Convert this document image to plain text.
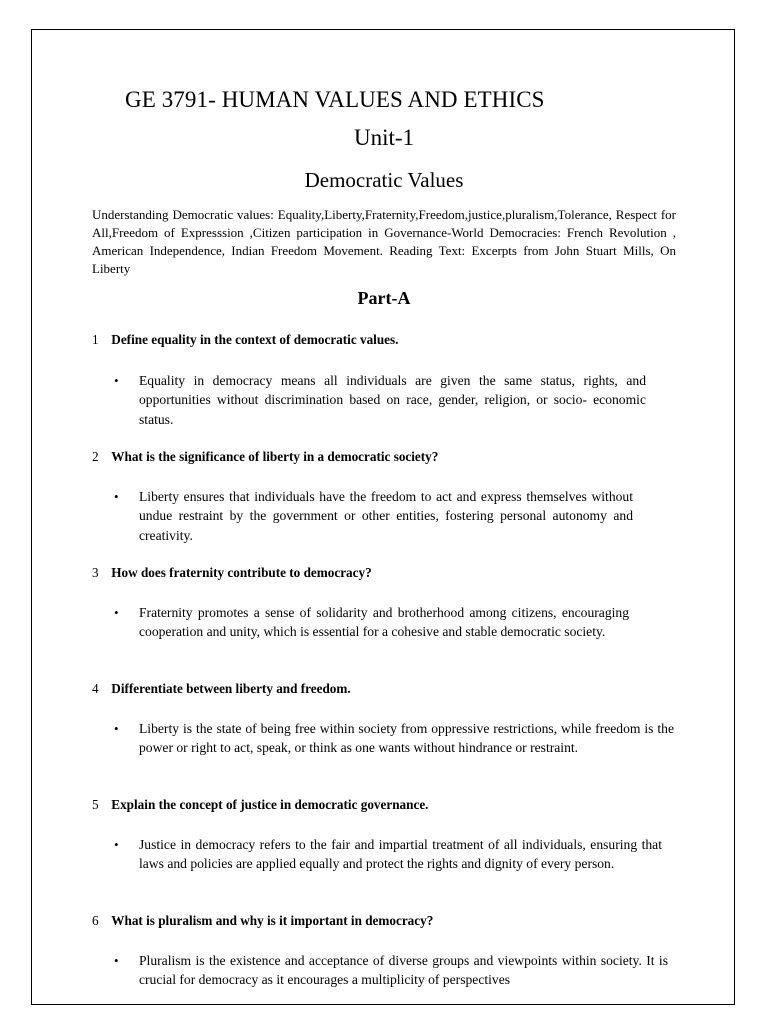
GE 3791- HUMAN VALUES AND ETHICS
Unit-1
Democratic Values

Understanding Democratic values: Equality,Liberty,Fraternity,Freedom,justice,pluralism,Tolerance, Respect for All,Freedom of Expresssion ,Citizen participation in Governance-World Democracies: French Revolution , American Independence, Indian Freedom Movement. Reading Text: Excerpts from John Stuart Mills, On Liberty

Part-A

1 Define equality in the context of democratic values.

• Equality in democracy means all individuals are given the same status, rights, and opportunities without discrimination based on race, gender, religion, or socio- economic status.

2 What is the significance of liberty in a democratic society?

• Liberty ensures that individuals have the freedom to act and express themselves without undue restraint by the government or other entities, fostering personal autonomy and creativity.

3 How does fraternity contribute to democracy?

• Fraternity promotes a sense of solidarity and brotherhood among citizens, encouraging cooperation and unity, which is essential for a cohesive and stable democratic society.

4 Differentiate between liberty and freedom.

• Liberty is the state of being free within society from oppressive restrictions, while freedom is the power or right to act, speak, or think as one wants without hindrance or restraint.

5 Explain the concept of justice in democratic governance.

• Justice in democracy refers to the fair and impartial treatment of all individuals, ensuring that laws and policies are applied equally and protect the rights and dignity of every person.

6 What is pluralism and why is it important in democracy?

• Pluralism is the existence and acceptance of diverse groups and viewpoints within society. It is crucial for democracy as it encourages a multiplicity of perspectives
